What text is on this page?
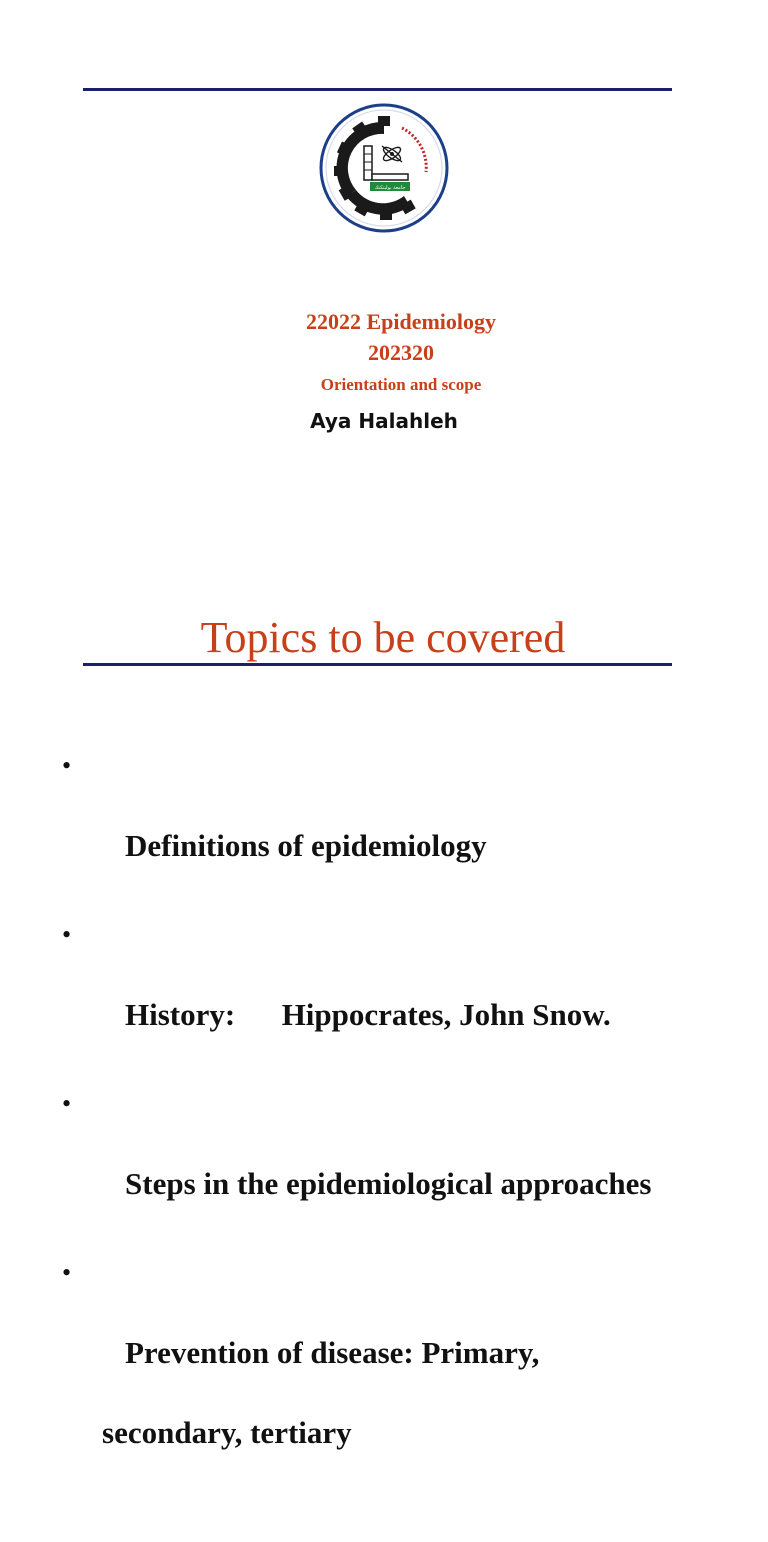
جامعة بوليتكنك
22022 Epidemiology
202320
Orientation and scope
Aya Halahleh
Topics to be covered

•

Definitions of epidemiology

•

History:      Hippocrates, John Snow.

•

Steps in the epidemiological approaches

•

Prevention of disease: Primary,

secondary, tertiary
